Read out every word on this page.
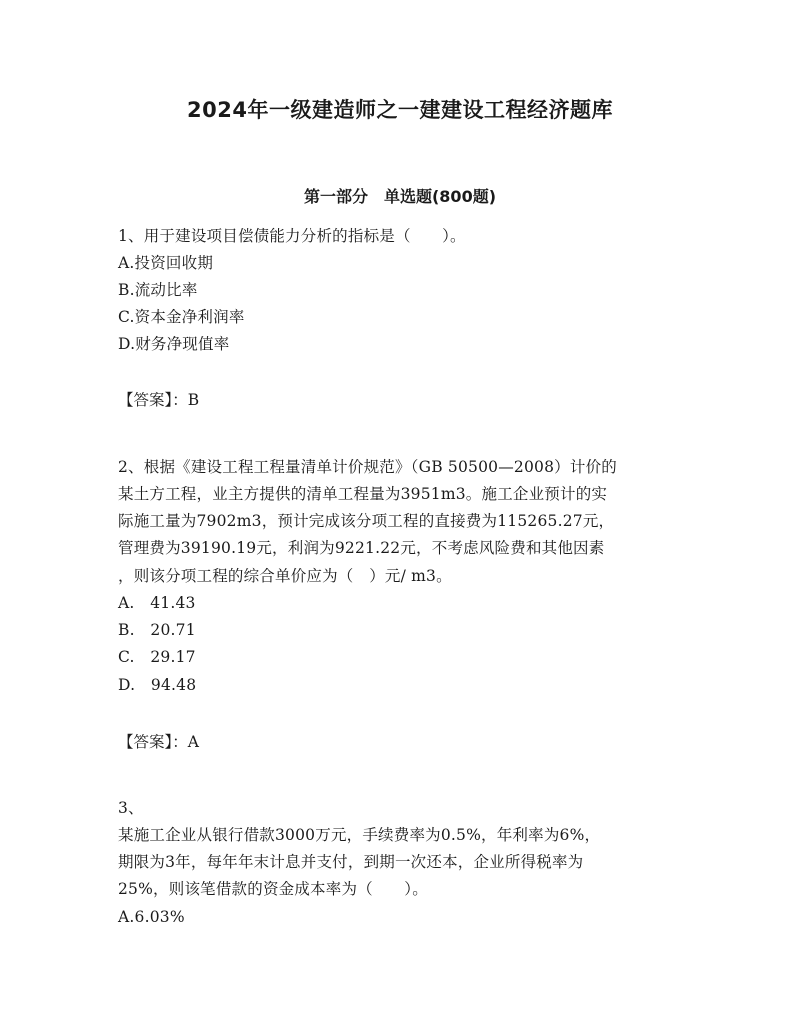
2024年一级建造师之一建建设工程经济题库
第一部分　单选题(800题)
1、用于建设项目偿债能力分析的指标是（　　）。
A.投资回收期
B.流动比率
C.资本金净利润率
D.财务净现值率
【答案】：B
2、根据《建设工程工程量清单计价规范》（GB 50500—2008）计价的
某土方工程，业主方提供的清单工程量为3951m3。施工企业预计的实
际施工量为7902m3，预计完成该分项工程的直接费为115265.27元，
管理费为39190.19元，利润为9221.22元，不考虑风险费和其他因素
，则该分项工程的综合单价应为（　）元/ m3。
A.　41.43
B.　20.71
C.　29.17
D.　94.48
【答案】：A
3、
某施工企业从银行借款3000万元，手续费率为0.5%，年利率为6%，
期限为3年，每年年末计息并支付，到期一次还本，企业所得税率为
25%，则该笔借款的资金成本率为（　　）。
A.6.03%
